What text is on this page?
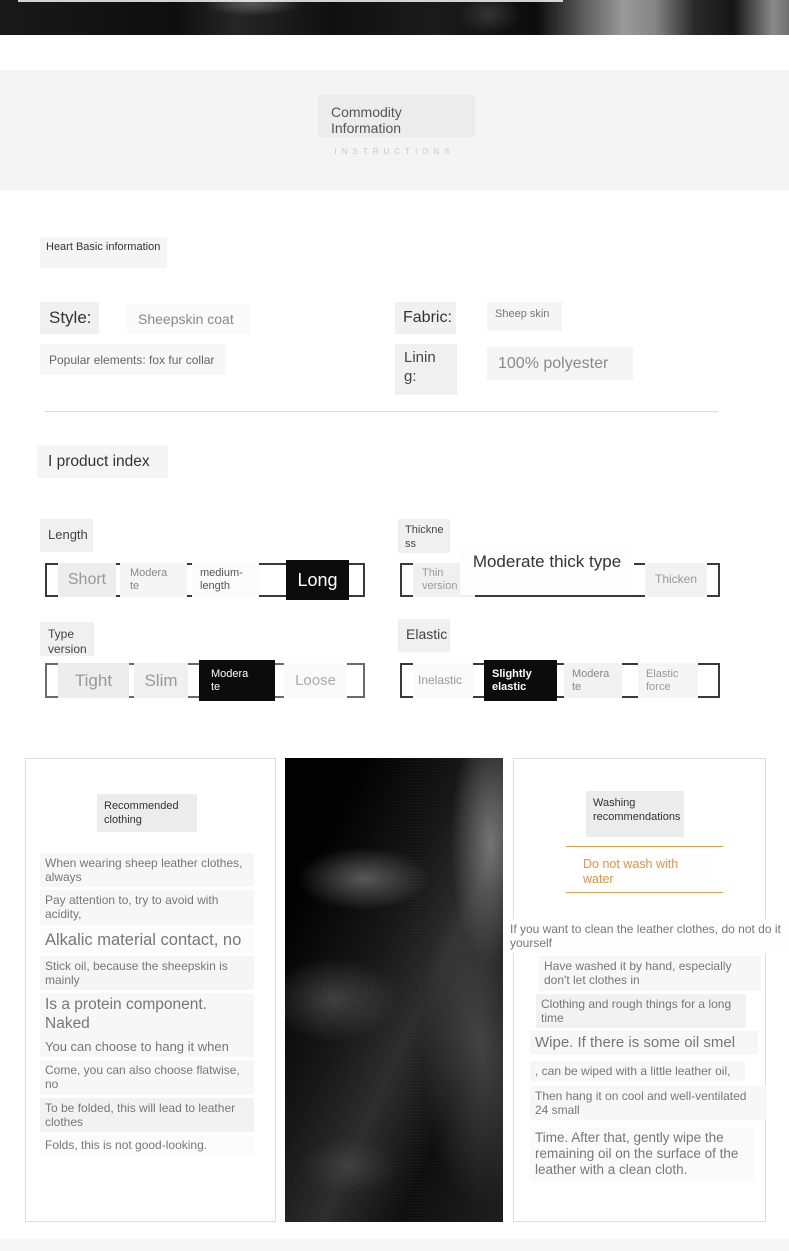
Commodity Information
/ INSTRUCTIONS /
Heart Basic information
Style:	Sheepskin coat	Fabric:	Sheep skin
Popular elements: fox fur collar	Lining:
100% polyester
I product index
Length
Short	Moderate
medium-length	Long
Thickness
Thin version
Moderate thick type
Thicken
Type version
Tight	Slim	Moderate	Loose
Elastic
Inelastic	Slightly elastic
Moderate
Elastic force
Recommended clothing

When wearing sheep leather clothes, always

Pay attention to, try to avoid with acidity,

Alkalic material contact, no

Stick oil, because the sheepskin is mainly

Is a protein component. Naked

You can choose to hang it when

Come, you can also choose flatwise, no

To be folded, this will lead to leather clothes

Folds, this is not good-looking.

Washing recommendations
Do not wash with water

If you want to clean the leather clothes, do not do it yourself

Have washed it by hand, especially don't let clothes in

Clothing and rough things for a long time

Wipe. If there is some oil smel

, can be wiped with a little leather oil,

Then hang it on cool and well-ventilated 24 small

Time. After that, gently wipe the remaining oil on the surface of the leather with a clean cloth.
